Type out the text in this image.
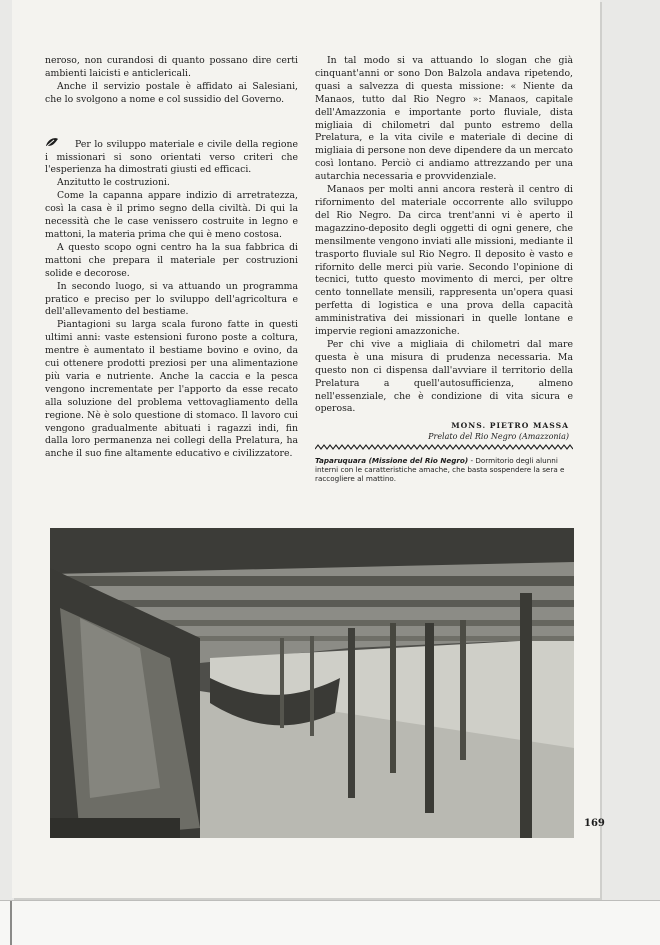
neroso, non curandosi di quanto possano dire certi ambienti laicisti e anticlericali.

Anche il servizio postale è affidato ai Salesiani, che lo svolgono a nome e col sussidio del Governo.

Per lo sviluppo materiale e civile della regione i missionari si sono orientati verso criteri che l'esperienza ha dimostrati giusti ed efficaci.

Anzitutto le costruzioni.

Come la capanna appare indizio di arretratezza, così la casa è il primo segno della civiltà. Di qui la necessità che le case venissero costruite in legno e mattoni, la materia prima che qui è meno costosa.

A questo scopo ogni centro ha la sua fabbrica di mattoni che prepara il materiale per costruzioni solide e decorose.

In secondo luogo, si va attuando un programma pratico e preciso per lo sviluppo dell'agricoltura e dell'allevamento del bestiame.

Piantagioni su larga scala furono fatte in questi ultimi anni: vaste estensioni furono poste a coltura, mentre è aumentato il bestiame bovino e ovino, da cui ottenere prodotti preziosi per una alimentazione più varia e nutriente. Anche la caccia e la pesca vengono incrementate per l'apporto da esse recato alla soluzione del problema vettovagliamento della regione. Nè è solo questione di stomaco. Il lavoro cui vengono gradualmente abituati i ragazzi indi, fin dalla loro permanenza nei collegi della Prelatura, ha anche il suo fine altamente educativo e civilizzatore.

In tal modo si va attuando lo slogan che già cinquant'anni or sono Don Balzola andava ripetendo, quasi a salvezza di questa missione: « Niente da Manaos, tutto dal Rio Negro »: Manaos, capitale dell'Amazzonia e importante porto fluviale, dista migliaia di chilometri dal punto estremo della Prelatura, e la vita civile e materiale di decine di migliaia di persone non deve dipendere da un mercato così lontano. Perciò ci andiamo attrezzando per una autarchia necessaria e provvidenziale.

Manaos per molti anni ancora resterà il centro di rifornimento del materiale occorrente allo sviluppo del Rio Negro. Da circa trent'anni vi è aperto il magazzino-deposito degli oggetti di ogni genere, che mensilmente vengono inviati alle missioni, mediante il trasporto fluviale sul Rio Negro. Il deposito è vasto e rifornito delle merci più varie. Secondo l'opinione di tecnici, tutto questo movimento di merci, per oltre cento tonnellate mensili, rappresenta un'opera quasi perfetta di logistica e una prova della capacità amministrativa dei missionari in quelle lontane e impervie regioni amazzoniche.

Per chi vive a migliaia di chilometri dal mare questa è una misura di prudenza necessaria. Ma questo non ci dispensa dall'avviare il territorio della Prelatura a quell'autosufficienza, almeno nell'essenziale, che è condizione di vita sicura e operosa.

MONS. PIETRO MASSA
Prelato del Rio Negro (Amazzonia)
Taparuquara (Missione del Rio Negro) - Dormitorio degli alunni interni con le caratteristiche amache, che basta sospendere la sera e raccogliere al mattino.
169
